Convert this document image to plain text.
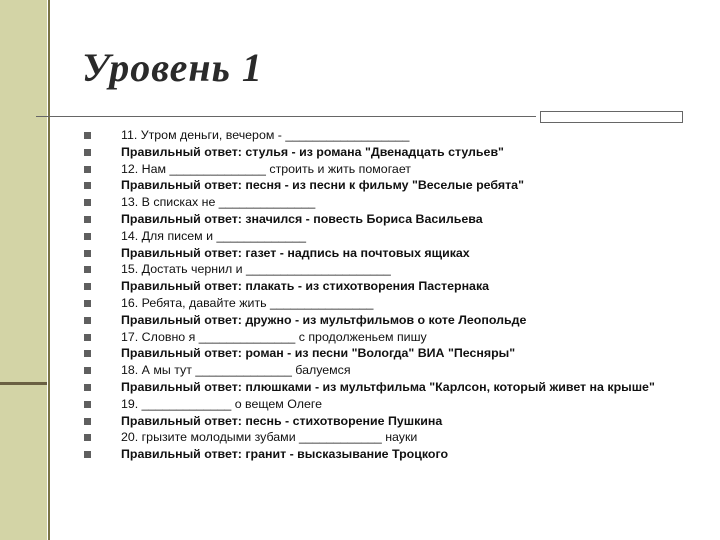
Уровень 1
11. Утром деньги, вечером - __________________
Правильный ответ: стулья - из романа "Двенадцать стульев"
12. Нам ______________ строить и жить помогает
Правильный ответ: песня - из песни к фильму "Веселые ребята"
13. В списках не ______________
Правильный ответ: значился - повесть Бориса Васильева
14. Для писем и _____________
Правильный ответ: газет - надпись на почтовых ящиках
15. Достать чернил и _____________________
Правильный ответ: плакать - из стихотворения Пастернака
16. Ребята, давайте жить _______________
Правильный ответ: дружно - из мультфильмов о коте Леопольде
17. Словно я ______________ с продолженьем пишу
Правильный ответ: роман - из песни "Вологда" ВИА "Песняры"
18. А мы тут ______________ балуемся
Правильный ответ: плюшками - из мультфильма "Карлсон, который живет на крыше"
19. _____________ о вещем Олеге
Правильный ответ: песнь - стихотворение Пушкина
20. грызите молодыми зубами ____________ науки
Правильный ответ: гранит - высказывание Троцкого
